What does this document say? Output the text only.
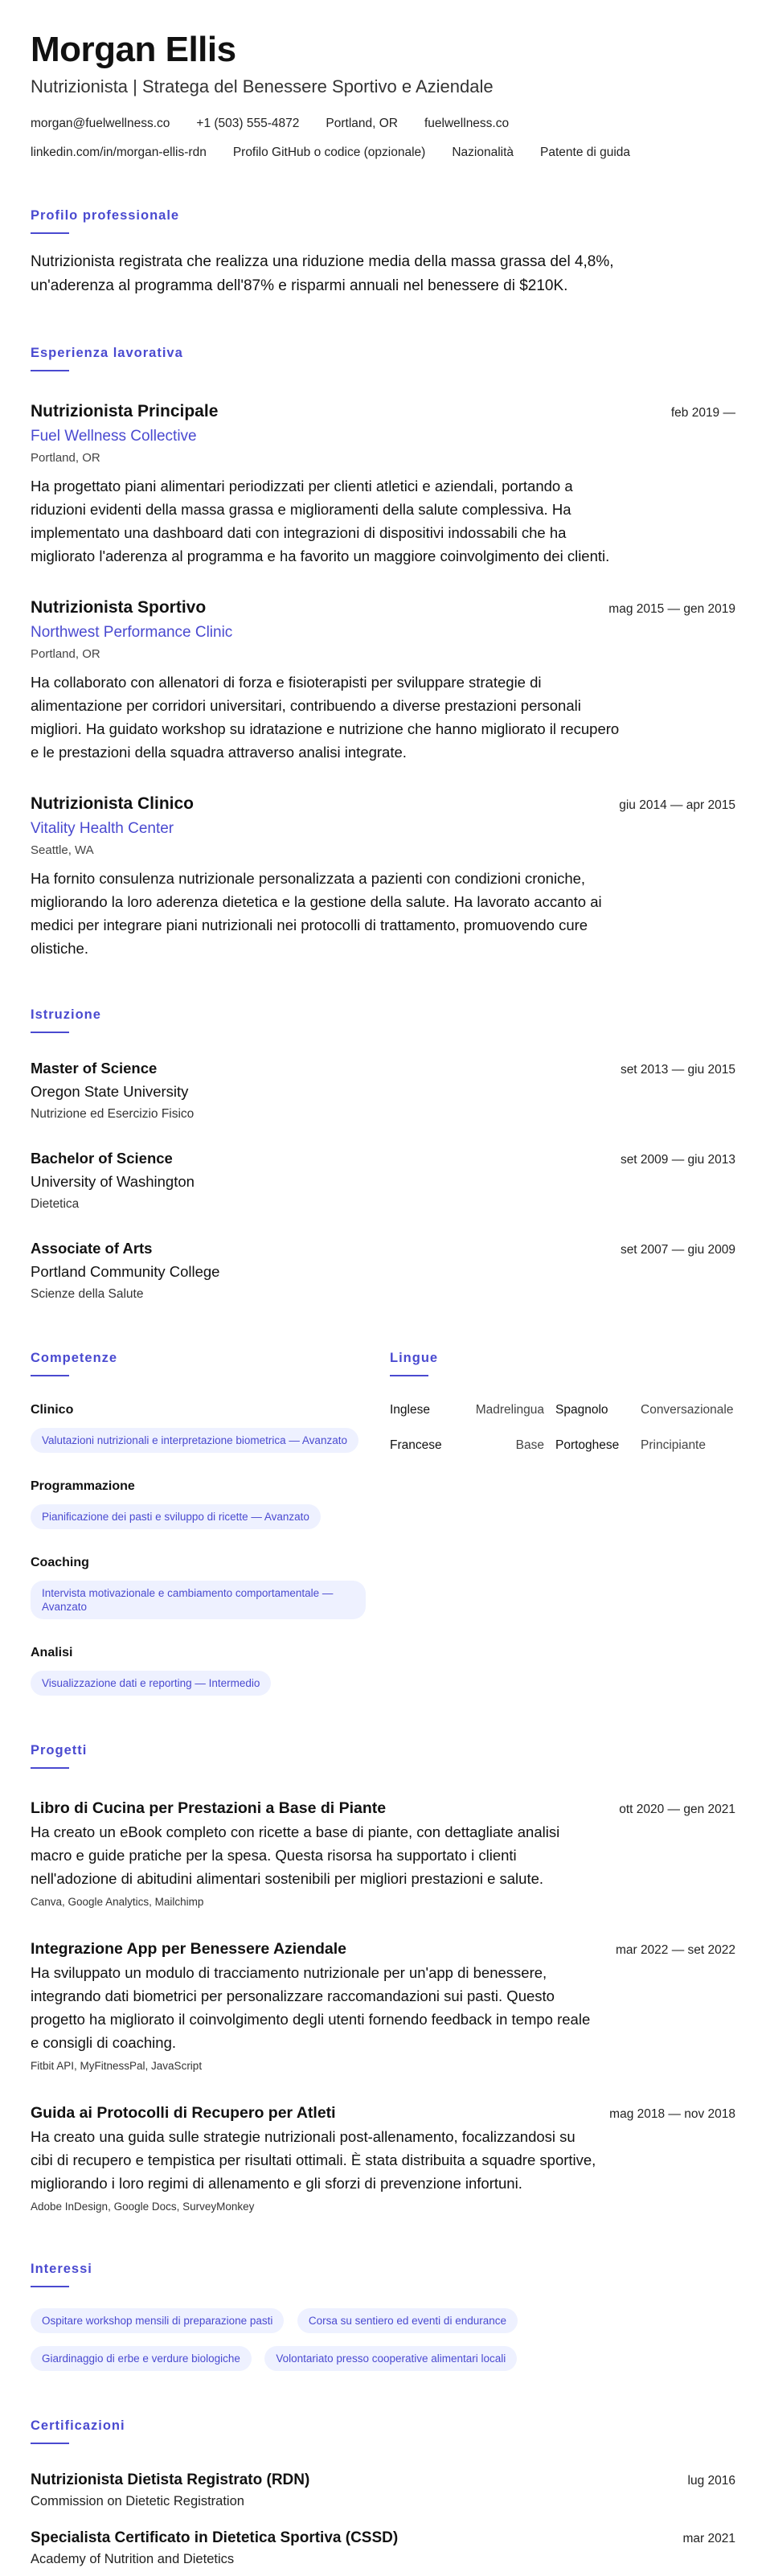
Morgan Ellis
Nutrizionista | Stratega del Benessere Sportivo e Aziendale
morgan@fuelwellness.co +1 (503) 555-4872 Portland, OR fuelwellness.co
linkedin.com/in/morgan-ellis-rdn Profilo GitHub o codice (opzionale) Nazionalità Patente di guida
Profilo professionale

Nutrizionista registrata che realizza una riduzione media della massa grassa del 4,8%, un'aderenza al programma dell'87% e risparmi annuali nel benessere di $210K.

Esperienza lavorativa
Nutrizionista Principale	feb 2019 —
Fuel Wellness Collective
Portland, OR

Ha progettato piani alimentari periodizzati per clienti atletici e aziendali, portando a riduzioni evidenti della massa grassa e miglioramenti della salute complessiva. Ha implementato una dashboard dati con integrazioni di dispositivi indossabili che ha migliorato l'aderenza al programma e ha favorito un maggiore coinvolgimento dei clienti.

Nutrizionista Sportivo	mag 2015 — gen 2019
Northwest Performance Clinic
Portland, OR

Ha collaborato con allenatori di forza e fisioterapisti per sviluppare strategie di alimentazione per corridori universitari, contribuendo a diverse prestazioni personali migliori. Ha guidato workshop su idratazione e nutrizione che hanno migliorato il recupero e le prestazioni della squadra attraverso analisi integrate.

Nutrizionista Clinico	giu 2014 — apr 2015
Vitality Health Center
Seattle, WA

Ha fornito consulenza nutrizionale personalizzata a pazienti con condizioni croniche, migliorando la loro aderenza dietetica e la gestione della salute. Ha lavorato accanto ai medici per integrare piani nutrizionali nei protocolli di trattamento, promuovendo cure olistiche.

Istruzione
Master of Science	set 2013 — giu 2015
Oregon State University
Nutrizione ed Esercizio Fisico
Bachelor of Science	set 2009 — giu 2013
University of Washington
Dietetica
Associate of Arts	set 2007 — giu 2009
Portland Community College
Scienze della Salute
Competenze
Clinico
Valutazioni nutrizionali e interpretazione biometrica — Avanzato
Programmazione
Pianificazione dei pasti e sviluppo di ricette — Avanzato
Coaching
Intervista motivazionale e cambiamento comportamentale — Avanzato
Analisi
Visualizzazione dati e reporting — Intermedio
Lingue
Inglese	Madrelingua Spagnolo	Conversazionale
Francese	Base Portoghese	Principiante
Progetti
Libro di Cucina per Prestazioni a Base di Piante	ott 2020 — gen 2021

Ha creato un eBook completo con ricette a base di piante, con dettagliate analisi macro e guide pratiche per la spesa. Questa risorsa ha supportato i clienti nell'adozione di abitudini alimentari sostenibili per migliori prestazioni e salute.

Canva, Google Analytics, Mailchimp
Integrazione App per Benessere Aziendale	mar 2022 — set 2022

Ha sviluppato un modulo di tracciamento nutrizionale per un'app di benessere, integrando dati biometrici per personalizzare raccomandazioni sui pasti. Questo progetto ha migliorato il coinvolgimento degli utenti fornendo feedback in tempo reale e consigli di coaching.

Fitbit API, MyFitnessPal, JavaScript
Guida ai Protocolli di Recupero per Atleti	mag 2018 — nov 2018

Ha creato una guida sulle strategie nutrizionali post-allenamento, focalizzandosi su cibi di recupero e tempistica per risultati ottimali. È stata distribuita a squadre sportive, migliorando i loro regimi di allenamento e gli sforzi di prevenzione infortuni.

Adobe InDesign, Google Docs, SurveyMonkey
Interessi
Ospitare workshop mensili di preparazione pasti	Corsa su sentiero ed eventi di endurance
Giardinaggio di erbe e verdure biologiche	Volontariato presso cooperative alimentari locali
Certificazioni
Nutrizionista Dietista Registrato (RDN)	lug 2016
Commission on Dietetic Registration
Specialista Certificato in Dietetica Sportiva (CSSD)	mar 2021
Academy of Nutrition and Dietetics
